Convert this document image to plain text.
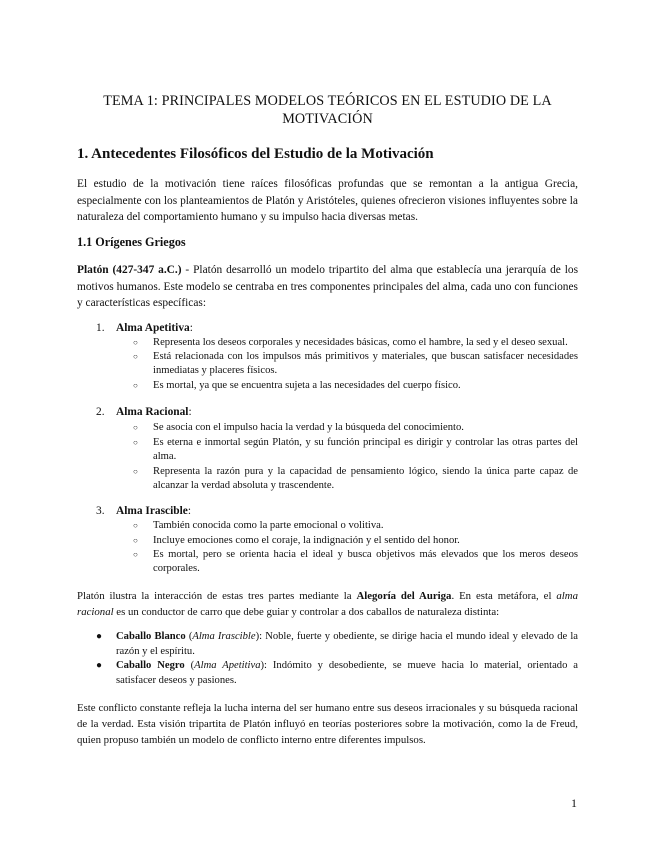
TEMA 1: PRINCIPALES MODELOS TEÓRICOS EN EL ESTUDIO DE LA MOTIVACIÓN
1. Antecedentes Filosóficos del Estudio de la Motivación

El estudio de la motivación tiene raíces filosóficas profundas que se remontan a la antigua Grecia, especialmente con los planteamientos de Platón y Aristóteles, quienes ofrecieron visiones influyentes sobre la naturaleza del comportamiento humano y su impulso hacia diversas metas.

1.1 Orígenes Griegos

Platón (427-347 a.C.) - Platón desarrolló un modelo tripartito del alma que establecía una jerarquía de los motivos humanos. Este modelo se centraba en tres componentes principales del alma, cada uno con funciones y características específicas:

1. Alma Apetitiva:

○ Representa los deseos corporales y necesidades básicas, como el hambre, la sed y el deseo sexual.

○ Está relacionada con los impulsos más primitivos y materiales, que buscan satisfacer necesidades inmediatas y placeres físicos.

○ Es mortal, ya que se encuentra sujeta a las necesidades del cuerpo físico.

2. Alma Racional:

○ Se asocia con el impulso hacia la verdad y la búsqueda del conocimiento.

○ Es eterna e inmortal según Platón, y su función principal es dirigir y controlar las otras partes del alma.

○ Representa la razón pura y la capacidad de pensamiento lógico, siendo la única parte capaz de alcanzar la verdad absoluta y trascendente.

3. Alma Irascible:

○ También conocida como la parte emocional o volitiva.

○ Incluye emociones como el coraje, la indignación y el sentido del honor.

○ Es mortal, pero se orienta hacia el ideal y busca objetivos más elevados que los meros deseos corporales.

Platón ilustra la interacción de estas tres partes mediante la Alegoría del Auriga. En esta metáfora, el alma racional es un conductor de carro que debe guiar y controlar a dos caballos de naturaleza distinta:

● Caballo Blanco (Alma Irascible): Noble, fuerte y obediente, se dirige hacia el mundo ideal y elevado de la razón y el espíritu.

● Caballo Negro (Alma Apetitiva): Indómito y desobediente, se mueve hacia lo material, orientado a satisfacer deseos y pasiones.

Este conflicto constante refleja la lucha interna del ser humano entre sus deseos irracionales y su búsqueda racional de la verdad. Esta visión tripartita de Platón influyó en teorías posteriores sobre la motivación, como la de Freud, quien propuso también un modelo de conflicto interno entre diferentes impulsos.

1
